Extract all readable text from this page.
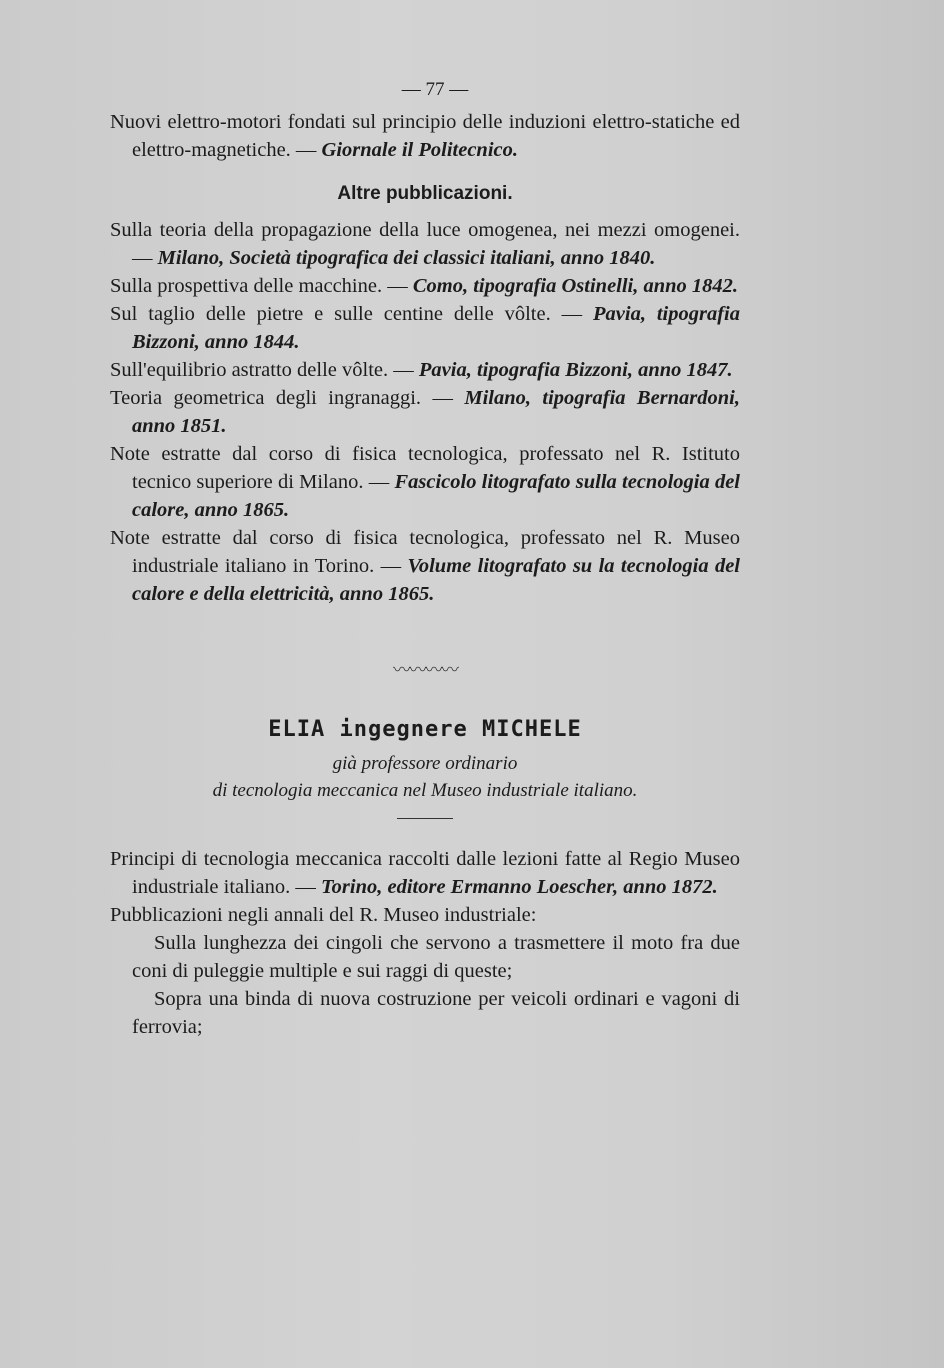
— 77 —

Nuovi elettro-motori fondati sul principio delle induzioni elettro-statiche ed elettro-magnetiche. — Giornale il Politecnico.

Altre pubblicazioni.

Sulla teoria della propagazione della luce omogenea, nei mezzi omogenei. — Milano, Società tipografica dei classici italiani, anno 1840.

Sulla prospettiva delle macchine. — Como, tipografia Ostinelli, anno 1842.

Sul taglio delle pietre e sulle centine delle vôlte. — Pavia, tipografia Bizzoni, anno 1844.

Sull'equilibrio astratto delle vôlte. — Pavia, tipografia Bizzoni, anno 1847.

Teoria geometrica degli ingranaggi. — Milano, tipografia Bernardoni, anno 1851.

Note estratte dal corso di fisica tecnologica, professato nel R. Istituto tecnico superiore di Milano. — Fascicolo litografato sulla tecnologia del calore, anno 1865.

Note estratte dal corso di fisica tecnologica, professato nel R. Museo industriale italiano in Torino. — Volume litografato su la tecnologia del calore e della elettricità, anno 1865.

〰〰〰〰
ELIA ingegnere MICHELE
già professore ordinario
di tecnologia meccanica nel Museo industriale italiano.

Principi di tecnologia meccanica raccolti dalle lezioni fatte al Regio Museo industriale italiano. — Torino, editore Ermanno Loescher, anno 1872.

Pubblicazioni negli annali del R. Museo industriale:

Sulla lunghezza dei cingoli che servono a trasmettere il moto fra due coni di puleggie multiple e sui raggi di queste;

Sopra una binda di nuova costruzione per veicoli ordinari e vagoni di ferrovia;
